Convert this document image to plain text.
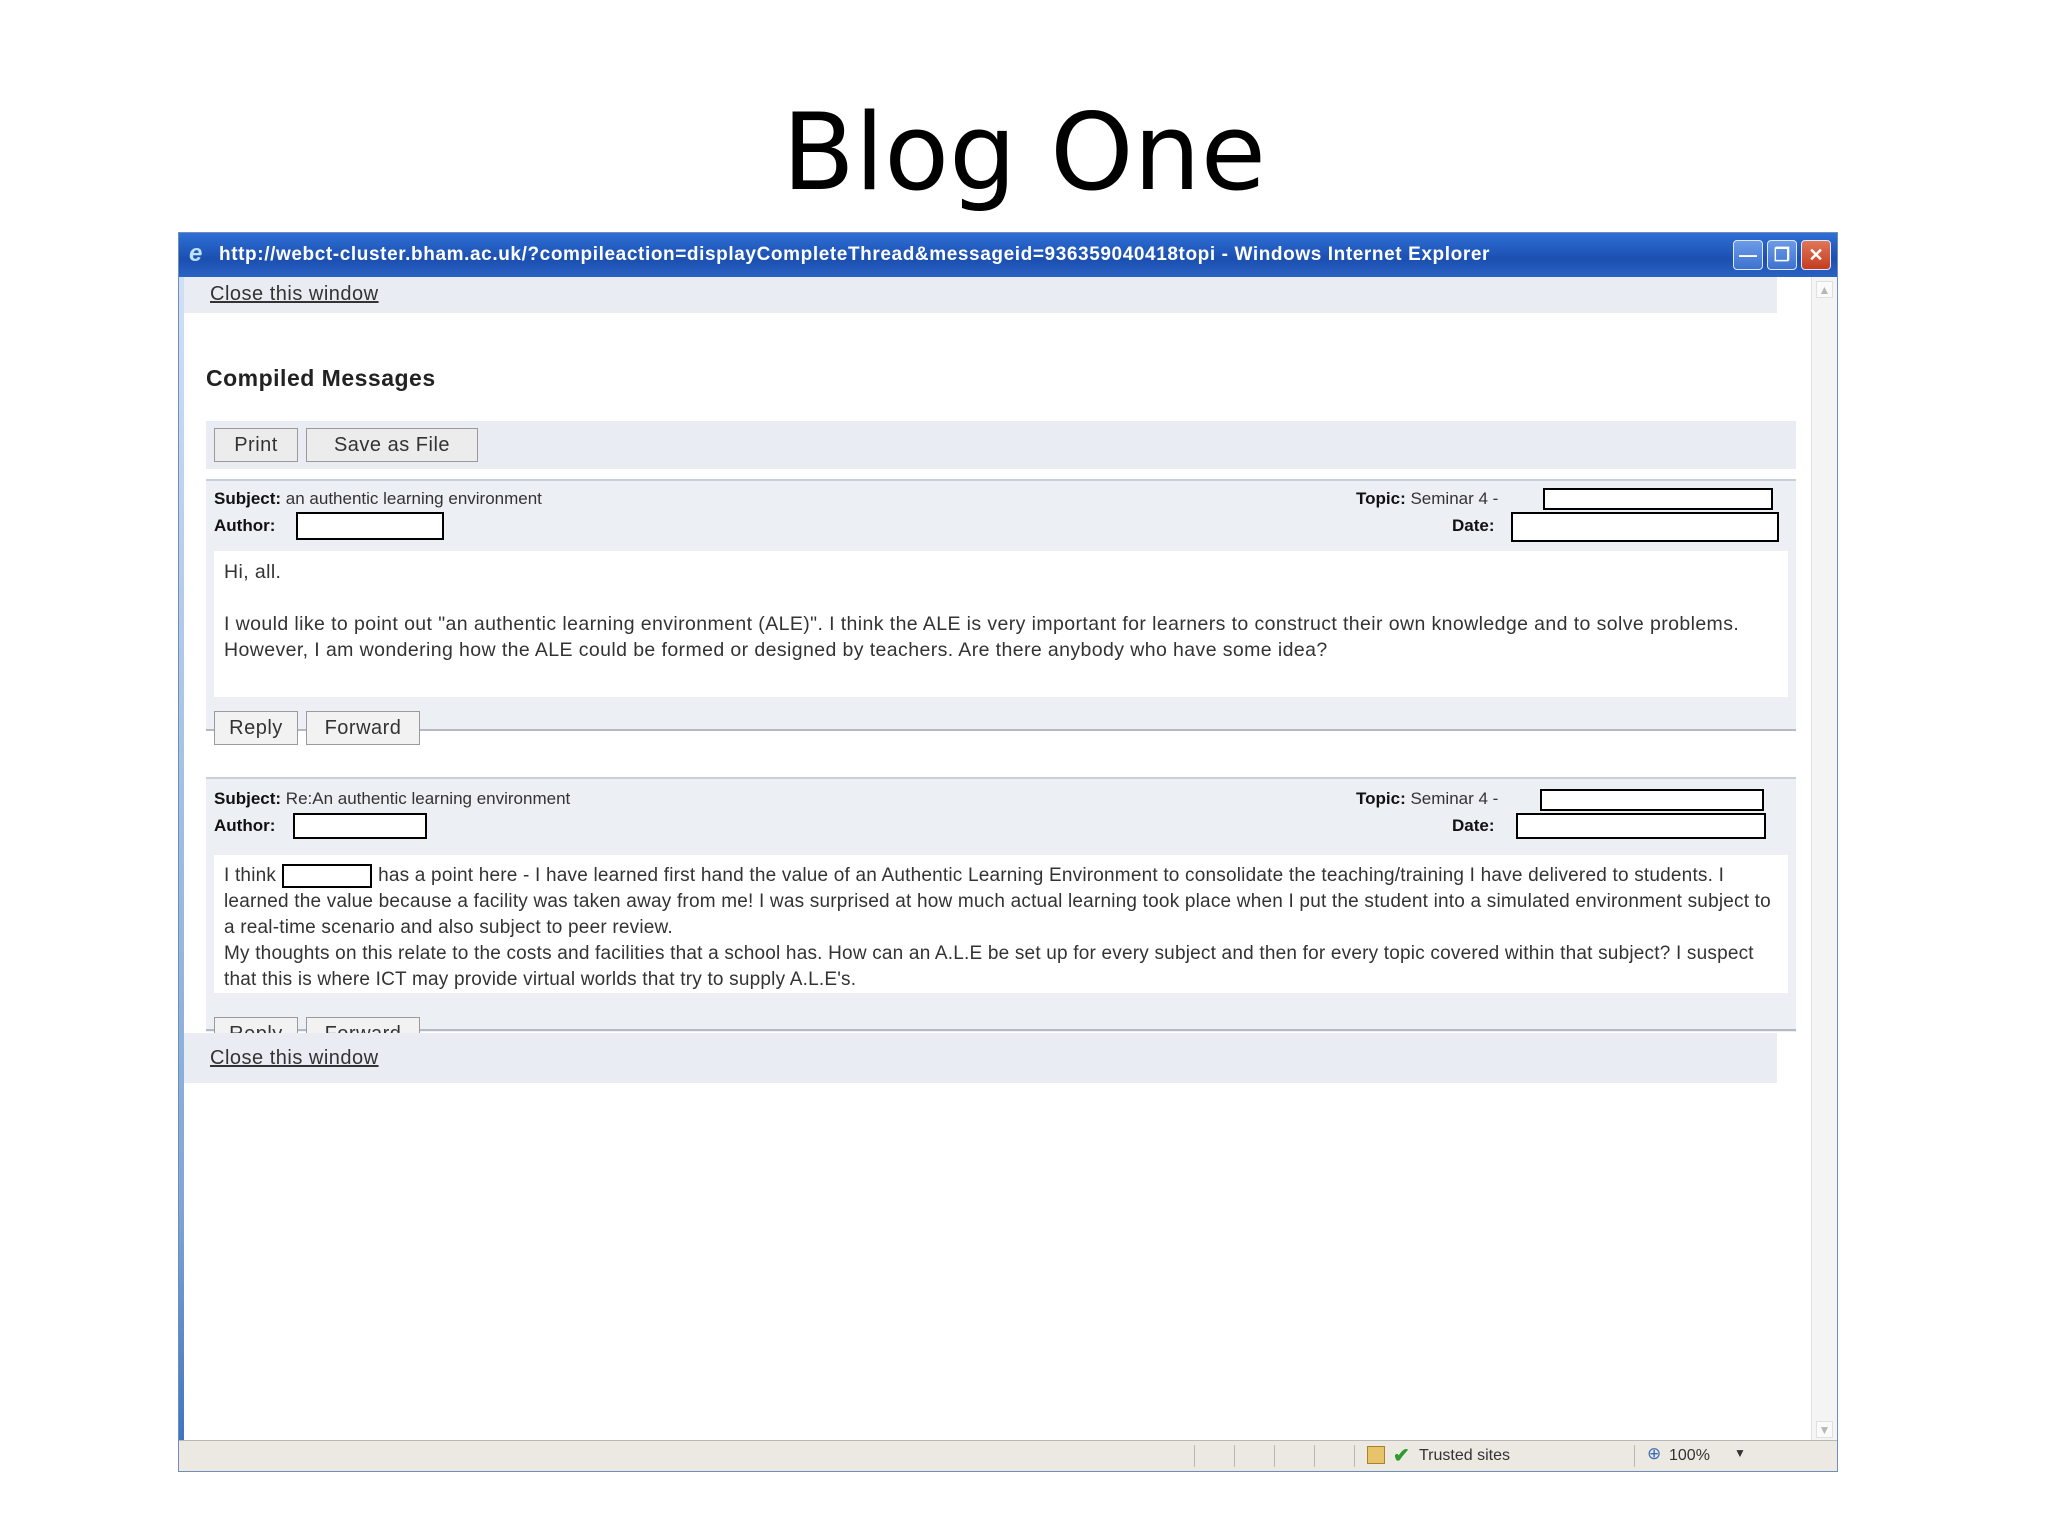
Blog One
e http://webct-cluster.bham.ac.uk/?compileaction=displayCompleteThread&messageid=936359040418topi - Windows Internet Explorer	— ❐	✕
Close this window
Compiled Messages
Print	Save as File
Subject: an authentic learning environment
Author:
Topic: Seminar 4 -
Date:

Hi, all.

I would like to point out "an authentic learning environment (ALE)". I think the ALE is very important for learners to construct their own knowledge and to solve problems. However, I am wondering how the ALE could be formed or designed by teachers. Are there anybody who have some idea?

Reply	Forward
Subject: Re:An authentic learning environment
Author:
Topic: Seminar 4 -
Date:

I think	has a point here - I have learned first hand the value of an Authentic Learning Environment to consolidate the teaching/training I have delivered to students. I learned the value because a facility was taken away from me! I was surprised at how much actual learning took place when I put the student into a simulated environment subject to a real-time scenario and also subject to peer review.

My thoughts on this relate to the costs and facilities that a school has. How can an A.L.E be set up for every subject and then for every topic covered within that subject? I suspect that this is where ICT may provide virtual worlds that try to supply A.L.E's.

Close this window
▲
▼
✔ Trusted sites	⊕ 100% ▼
